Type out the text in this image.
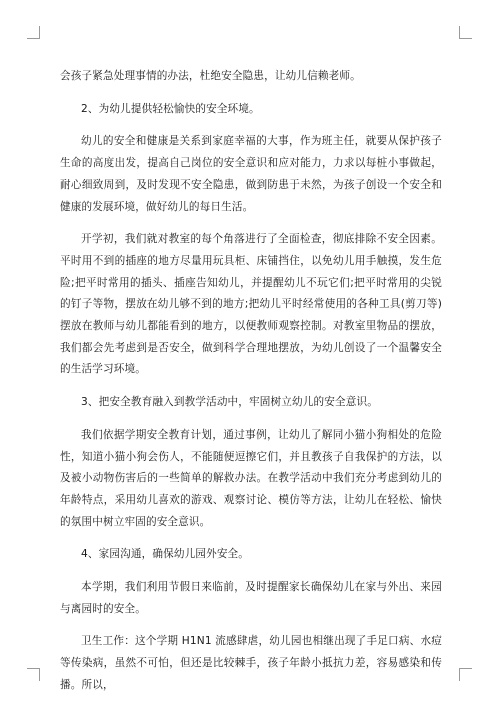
会孩子紧急处理事情的办法，杜绝安全隐患，让幼儿信赖老师。

2、为幼儿提供轻松愉快的安全环境。

幼儿的安全和健康是关系到家庭幸福的大事，作为班主任，就要从保护孩子生命的高度出发，提高自己岗位的安全意识和应对能力，力求以每桩小事做起，耐心细致周到，及时发现不安全隐患，做到防患于未然，为孩子创设一个安全和健康的发展环境，做好幼儿的每日生活。

开学初，我们就对教室的每个角落进行了全面检查，彻底排除不安全因素。平时用不到的插座的地方尽量用玩具柜、床铺挡住，以免幼儿用手触摸，发生危险;把平时常用的插头、插座告知幼儿，并提醒幼儿不玩它们;把平时常用的尖锐的钉子等物，摆放在幼儿够不到的地方;把幼儿平时经常使用的各种工具(剪刀等)摆放在教师与幼儿都能看到的地方，以便教师观察控制。对教室里物品的摆放，我们都会先考虑到是否安全，做到科学合理地摆放，为幼儿创设了一个温馨安全的生活学习环境。

3、把安全教育融入到教学活动中，牢固树立幼儿的安全意识。

我们依据学期安全教育计划，通过事例，让幼儿了解同小猫小狗相处的危险性，知道小猫小狗会伤人，不能随便逗擦它们，并且教孩子自我保护的方法，以及被小动物伤害后的一些简单的解救办法。在教学活动中我们充分考虑到幼儿的年龄特点，采用幼儿喜欢的游戏、观察讨论、模仿等方法，让幼儿在轻松、愉快的氛围中树立牢固的安全意识。

4、家园沟通，确保幼儿园外安全。

本学期，我们利用节假日来临前，及时提醒家长确保幼儿在家与外出、来园与离园时的安全。

卫生工作：这个学期 H1N1 流感肆虐，幼儿园也相继出现了手足口病、水痘等传染病，虽然不可怕，但还是比较棘手，孩子年龄小抵抗力差，容易感染和传播。所以，
